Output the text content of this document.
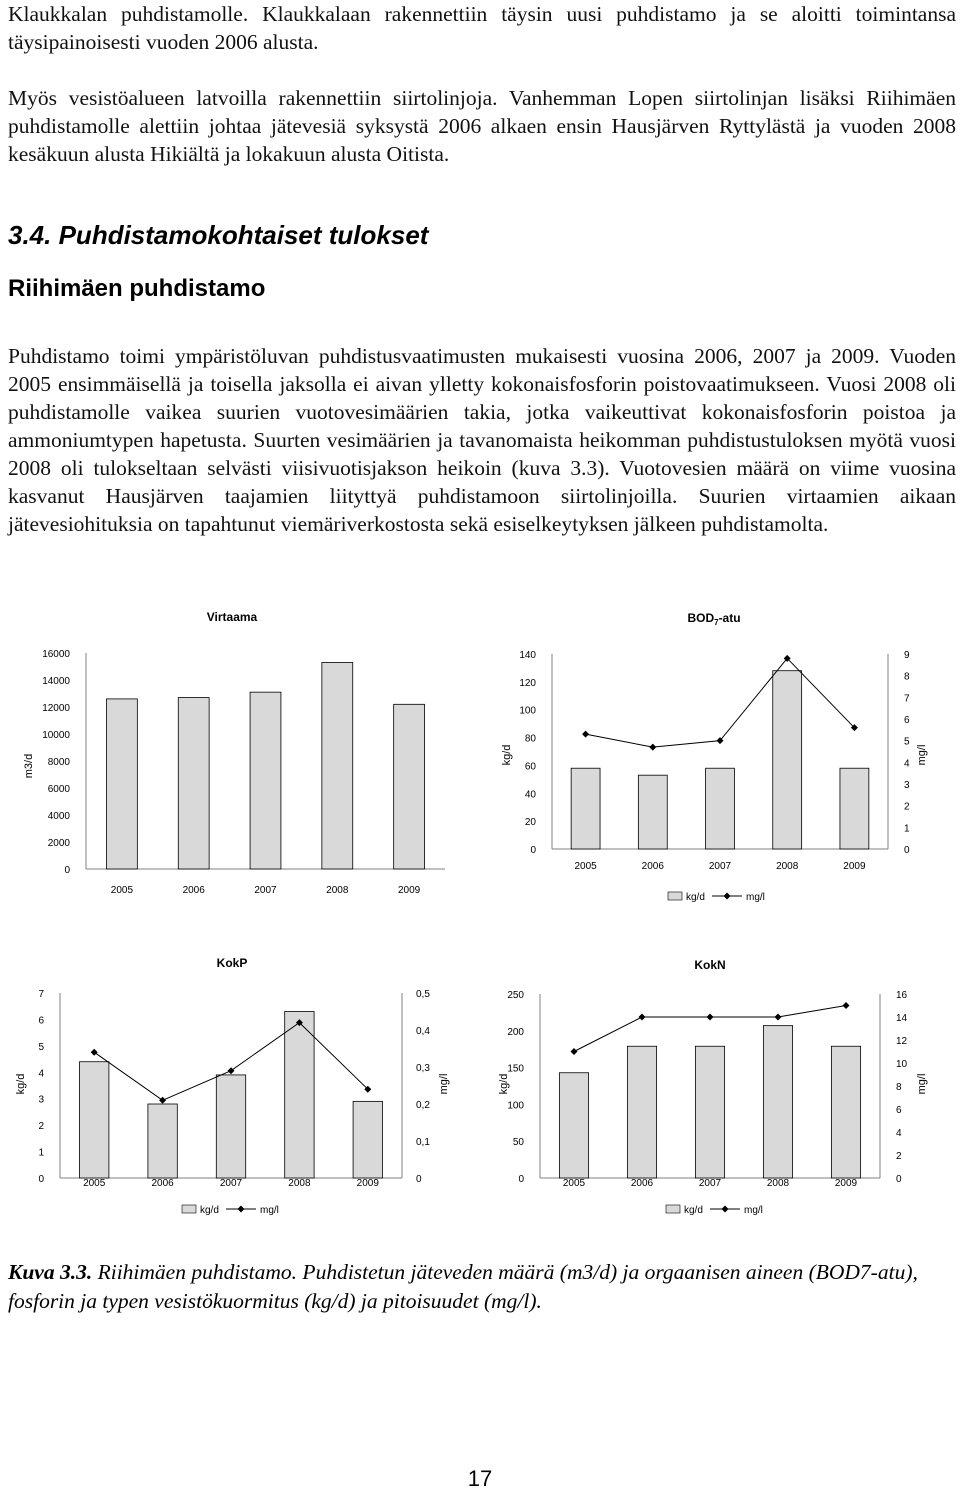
Klaukkalan puhdistamolle. Klaukkalaan rakennettiin täysin uusi puhdistamo ja se aloitti toimintansa täysipainoisesti vuoden 2006 alusta.

Myös vesistöalueen latvoilla rakennettiin siirtolinjoja. Vanhemman Lopen siirtolinjan lisäksi Riihimäen puhdistamolle alettiin johtaa jätevesiä syksystä 2006 alkaen ensin Hausjärven Ryttylästä ja vuoden 2008 kesäkuun alusta Hikiältä ja lokakuun alusta Oitista.

3.4. Puhdistamokohtaiset tulokset
Riihimäen puhdistamo

Puhdistamo toimi ympäristöluvan puhdistusvaatimusten mukaisesti vuosina 2006, 2007 ja 2009. Vuoden 2005 ensimmäisellä ja toisella jaksolla ei aivan ylletty kokonaisfosforin poistovaatimukseen. Vuosi 2008 oli puhdistamolle vaikea suurien vuotovesimäärien takia, jotka vaikeuttivat kokonaisfosforin poistoa ja ammoniumtypen hapetusta. Suurten vesimäärien ja tavanomaista heikomman puhdistustuloksen myötä vuosi 2008 oli tulokseltaan selvästi viisivuotisjakson heikoin (kuva 3.3). Vuotovesien määrä on viime vuosina kasvanut Hausjärven taajamien liityttyä puhdistamoon siirtolinjoilla. Suurien virtaamien aikaan jätevesiohituksia on tapahtunut viemäriverkostosta sekä esiselkeytyksen jälkeen puhdistamolta.

Virtaama
0
2000
4000
6000
8000
10000
12000
14000
16000
m3/d
2005	2006	2007	2008	2009
$BOD_7$-atu
0
20
40
60
80
100
120
140
0
1
2
3
4
5
6
7
8
9
kg/d	mg/l
2005	2006	2007	2008	2009
kg/d	mg/l
KokP
0
1
2
3
4
5
6
7
0
0,1
0,2
0,3
0,4
0,5
kg/d	mg/l
2005	2006	2007	2008	2009
kg/d	mg/l
KokN
0
50
100
150
200
250
0
2
4
6
8
10
12
14
16
kg/d	mg/l
2005	2006	2007	2008	2009
kg/d	mg/l

Kuva 3.3. Riihimäen puhdistamo. Puhdistetun jäteveden määrä (m3/d) ja orgaanisen aineen (BOD7-atu), fosforin ja typen vesistökuormitus (kg/d) ja pitoisuudet (mg/l).

17
